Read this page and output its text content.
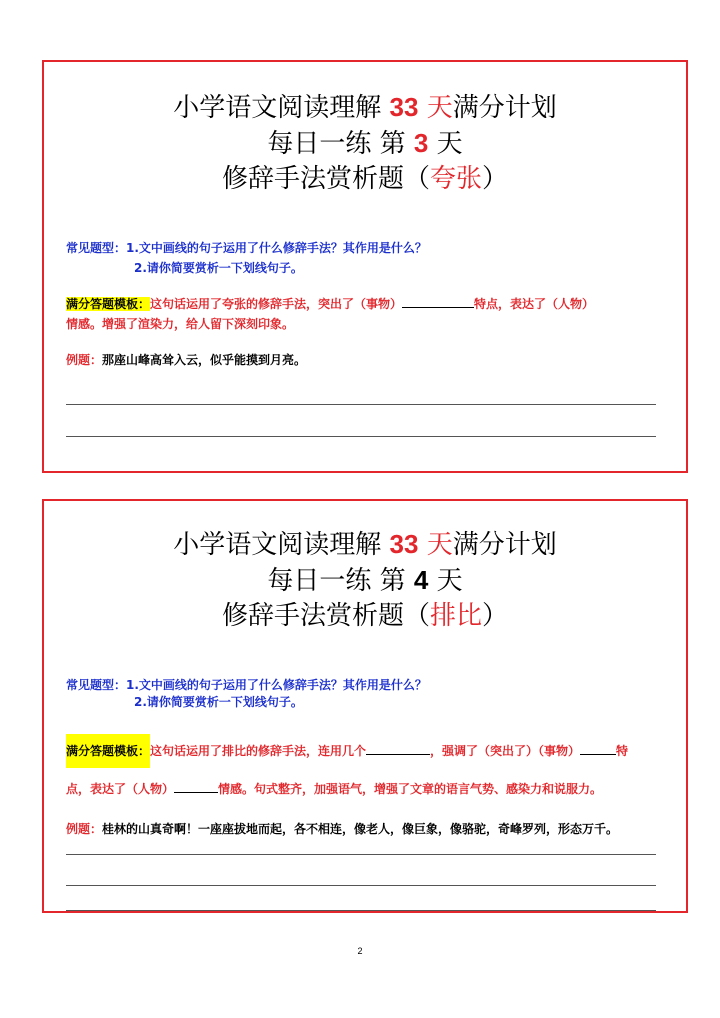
小学语文阅读理解 33 天满分计划
每日一练 第 3 天
修辞手法赏析题（夸张）
常见题型：1.文中画线的句子运用了什么修辞手法？其作用是什么？
2.请你简要赏析一下划线句子。
满分答题模板：这句话运用了夸张的修辞手法，突出了（事物）	特点，表达了（人物）
情感。增强了渲染力，给人留下深刻印象。
例题：那座山峰高耸入云，似乎能摸到月亮。
小学语文阅读理解 33 天满分计划
每日一练 第 4 天
修辞手法赏析题（排比）
常见题型：1.文中画线的句子运用了什么修辞手法？其作用是什么？
2.请你简要赏析一下划线句子。
满分答题模板：这句话运用了排比的修辞手法，连用几个	，强调了（突出了）（事物）	特
点，表达了（人物）	情感。句式整齐，加强语气，增强了文章的语言气势、感染力和说服力。
例题：桂林的山真奇啊！一座座拔地而起，各不相连，像老人，像巨象，像骆驼，奇峰罗列，形态万千。
2
